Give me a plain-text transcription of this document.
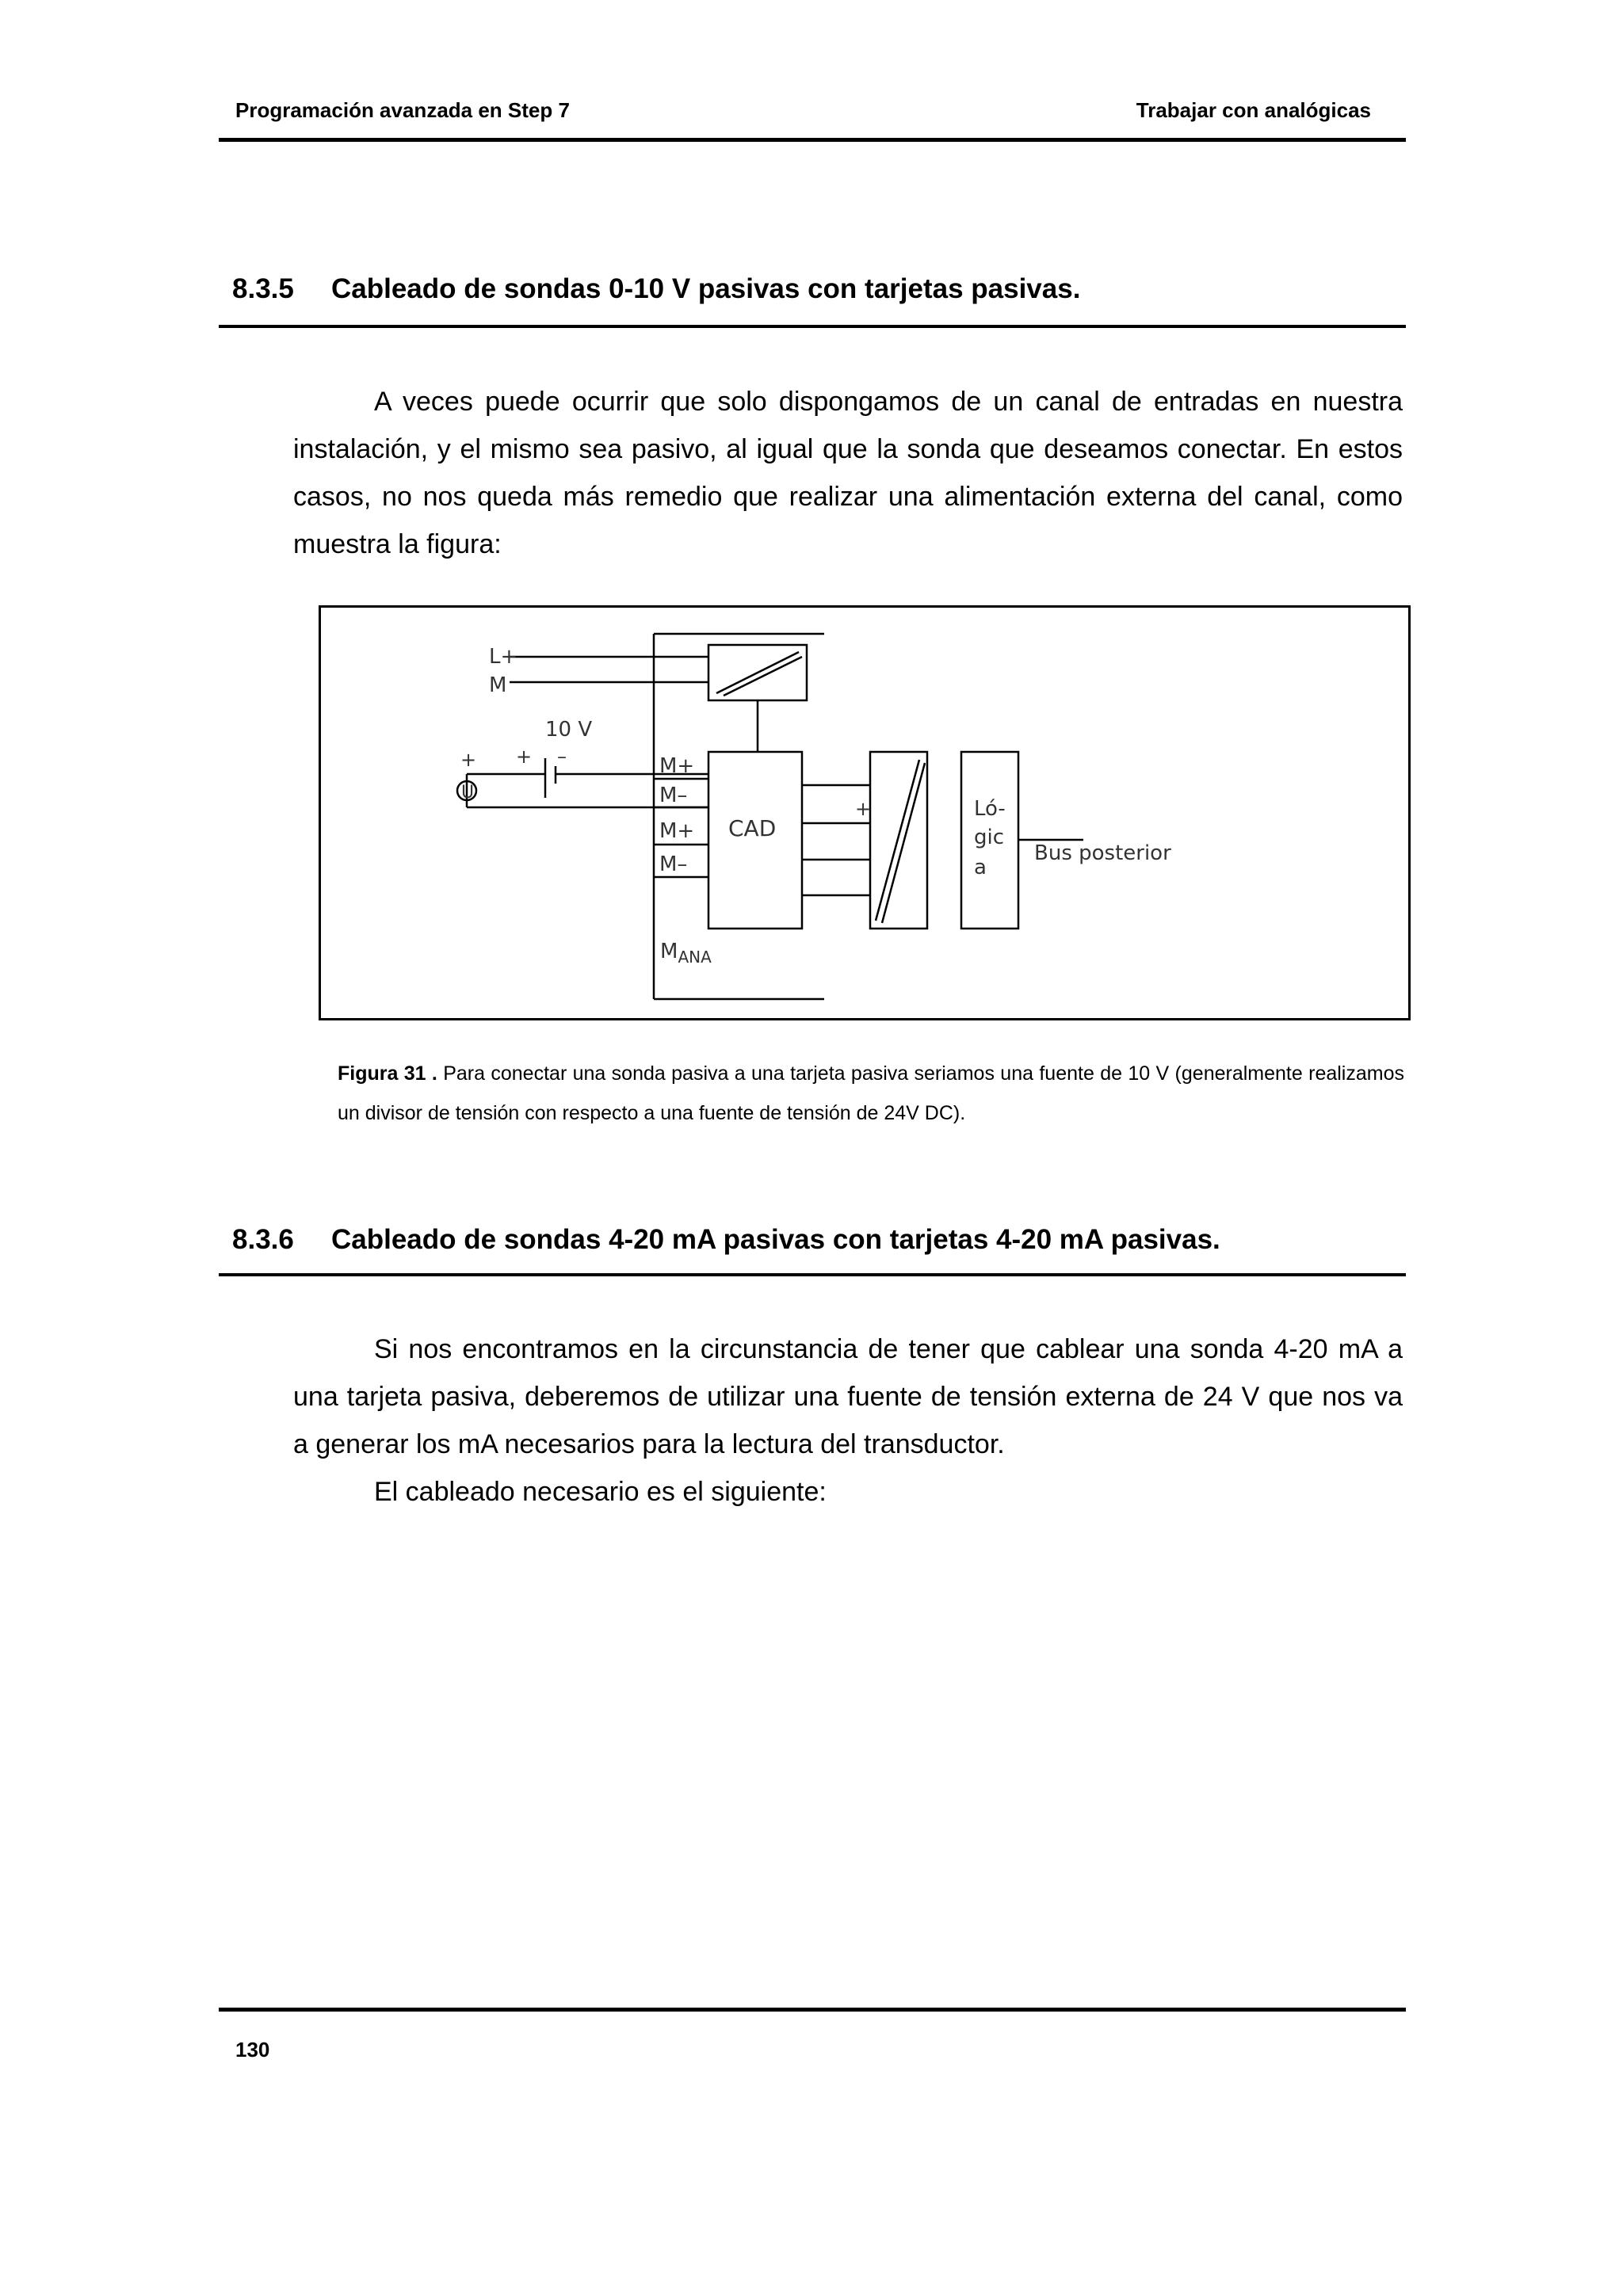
Programación avanzada en Step 7	Trabajar con analógicas
8.3.5 Cableado de sondas 0-10 V pasivas con tarjetas pasivas.

A veces puede ocurrir que solo dispongamos de un canal de entradas en nuestra instalación, y el mismo sea pasivo, al igual que la sonda que deseamos conectar. En estos casos, no nos queda más remedio que realizar una alimentación externa del canal, como muestra la figura:

L+
M
10 V
+ + –
U
M+
M–
M+
M–
CAD
+	Ló-
gic
a
Bus posterior
$M_{ANA}$
Figura 31 . Para conectar una sonda pasiva a una tarjeta pasiva seriamos una fuente de 10 V (generalmente realizamos un divisor de tensión con respecto a una fuente de tensión de 24V DC).
8.3.6 Cableado de sondas 4-20 mA pasivas con tarjetas 4-20 mA pasivas.

Si nos encontramos en la circunstancia de tener que cablear una sonda 4-20 mA a una tarjeta pasiva, deberemos de utilizar una fuente de tensión externa de 24 V que nos va a generar los mA necesarios para la lectura del transductor.

El cableado necesario es el siguiente:

130
